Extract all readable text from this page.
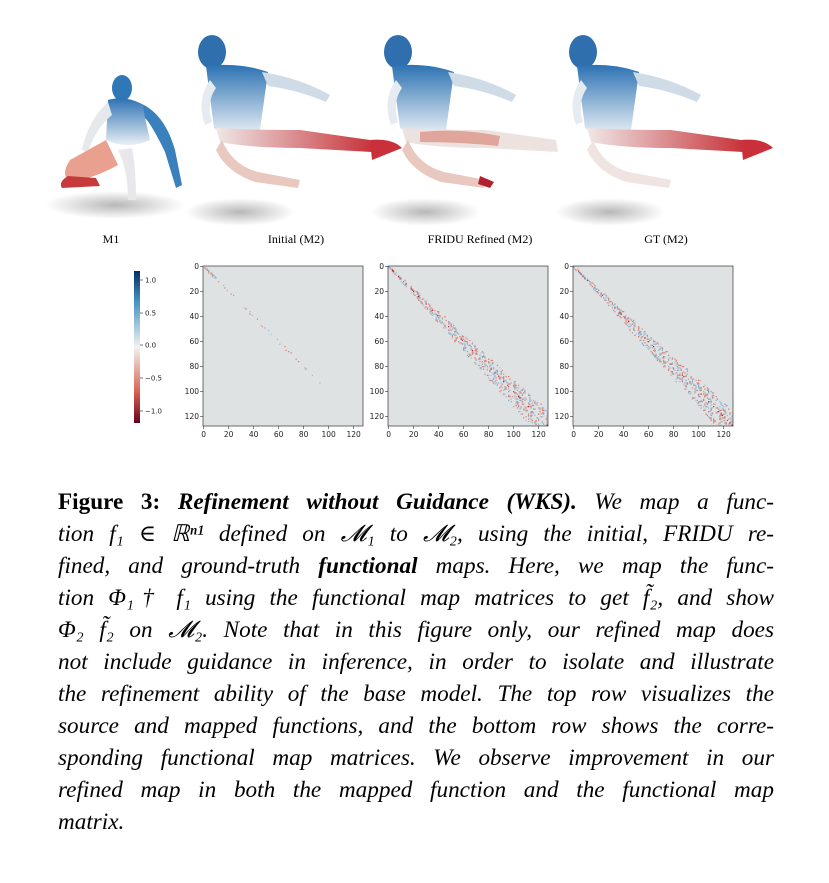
M1	Initial (M2)	FRIDU Refined (M2)	GT (M2)
1.0
0.5
0.0
−0.5
−1.0
0
0
20
20
40
40
60
60
80
80
100
100
120
120
0
0
20
20
40
40
60
60
80
80
100
100
120
120
0
0
20
20
40
40
60
60
80
80
100
100
120
120
Figure 3: Refinement without Guidance (WKS). We map a func-
tion f₁ ∈ ℝⁿ¹ defined on 𝓜₁ to 𝓜₂, using the initial, FRIDU re-
fined, and ground-truth functional maps. Here, we map the func-
tion Φ₁† f₁ using the functional map matrices to get f̃₂, and show
Φ₂ f̃₂ on 𝓜₂. Note that in this figure only, our refined map does
not include guidance in inference, in order to isolate and illustrate
the refinement ability of the base model. The top row visualizes the
source and mapped functions, and the bottom row shows the corre-
sponding functional map matrices. We observe improvement in our
refined map in both the mapped function and the functional map
matrix.
